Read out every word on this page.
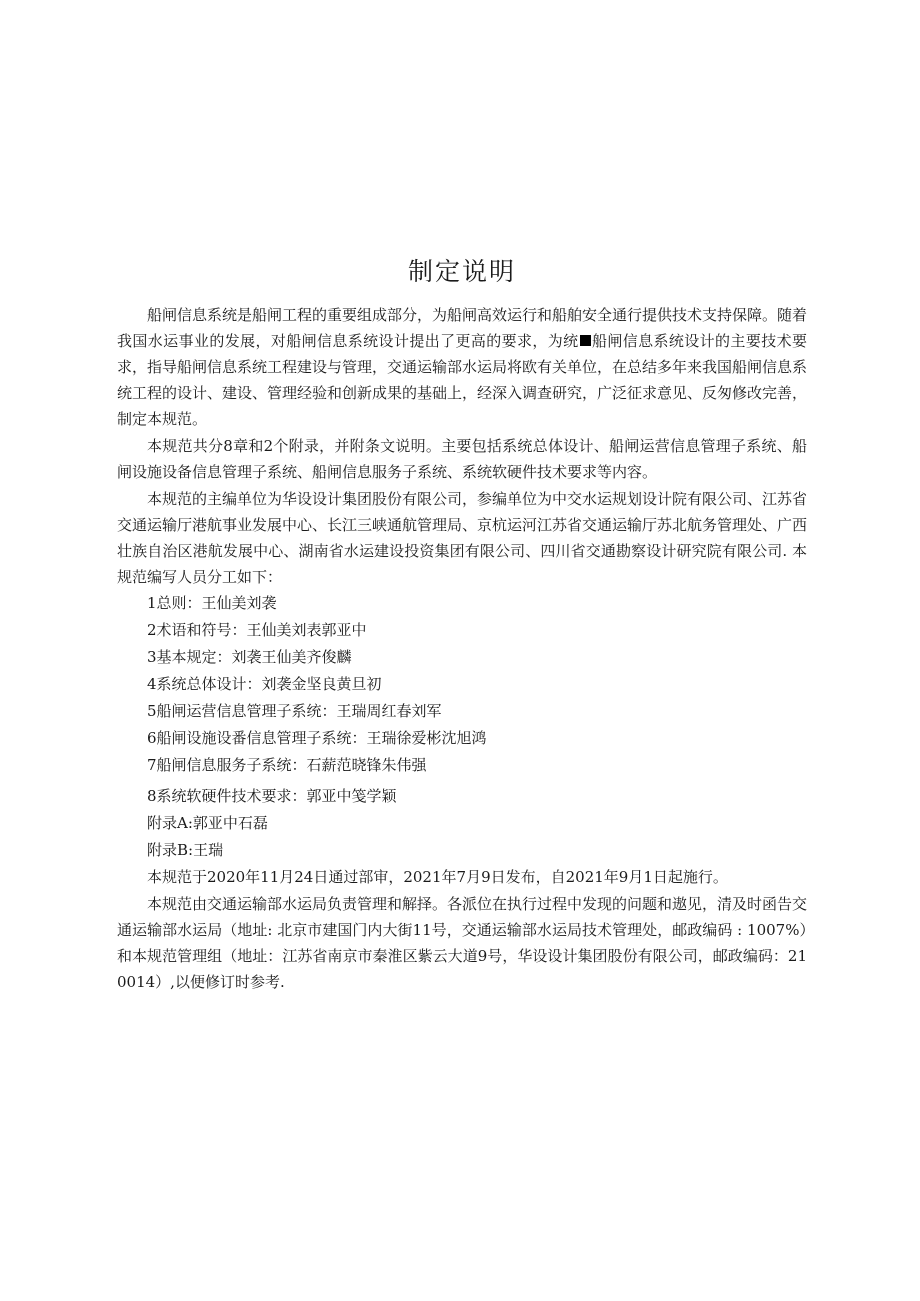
制定说明

船闸信息系统是船闸工程的重要组成部分，为船闸高效运行和船舶安全通行提供技术支持保障。随着我国水运事业的发展，对船闸信息系统设计提出了更高的要求，为统 船闸信息系统设计的主要技术要求，指导船闸信息系统工程建设与管理，交通运输部水运局将欧有关单位，在总结多年来我国船闸信息系统工程的设计、建设、管理经验和创新成果的基础上，经深入调查研究，广泛征求意见、反匆修改完善，制定本规范。

本规范共分8章和2个附录，并附条文说明。主要包括系统总体设计、船闸运营信息管理子系统、船闸设施设备信息管理子系统、船闸信息服务子系统、系统软硬件技术要求等内容。

本规范的主编单位为华设设计集团股份有限公司，参编单位为中交水运规划设计院有限公司、江苏省交通运输厅港航事业发展中心、长江三峡通航管理局、京杭运河江苏省交通运输厅苏北航务管理处、广西壮族自治区港航发展中心、湖南省水运建设投资集团有限公司、四川省交通勘察设计研究院有限公司. 本规范编写人员分工如下：

1总则：王仙美刘袭
2术语和符号：王仙美刘表郭亚中
3基本规定：刘袭王仙美齐俊麟
4系统总体设计：刘袭金坚良黄旦初
5船闸运营信息管理子系统：王瑞周红春刘军
6船闸设施设番信息管理子系统：王瑞徐爱彬沈旭鸿
7船闸信息服务子系统：石薪范晓锋朱伟强
8系统软硬件技术要求：郭亚中笺学颖
附录A:郭亚中石磊
附录B:王瑞

本规范于2020年11月24日通过部审，2021年7月9日发布，自2021年9月1日起施行。

本规范由交通运输部水运局负责管理和解择。各派位在执行过程中发现的问题和遨见，清及时函告交通运输部水运局（地址: 北京市建国门内大街11号，交通运输部水运局技术管理处，邮政编码 : 1007%）和本规范管理组（地址：江苏省南京市秦淮区紫云大道9号，华设设计集团股份有限公司，邮政编码：210014）,以便修订时参考.
